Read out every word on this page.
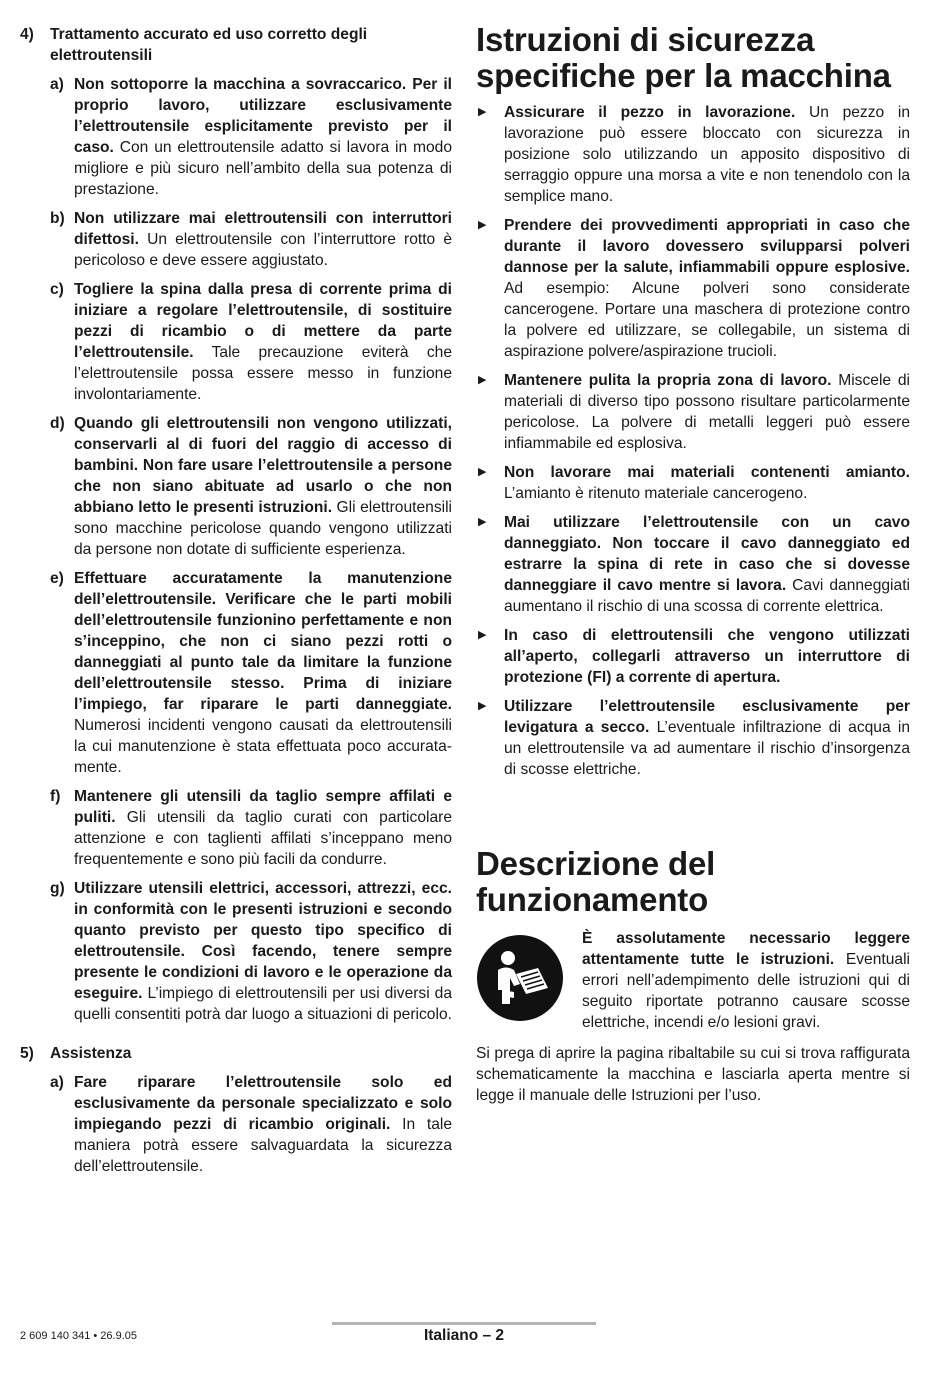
4)	Trattamento accurato ed uso corretto degli elettroutensili
a) Non sottoporre la macchina a sovraccarico. Per il proprio lavoro, utilizzare esclusivamente l’elettroutensile esplicitamente previsto per il caso. Con un elettroutensile adatto si lavora in modo migliore e più sicuro nell’ambito della sua potenza di prestazione.
b) Non utilizzare mai elettroutensili con interruttori difettosi. Un elettroutensile con l’interruttore rotto è pericoloso e deve essere aggiustato.
c) Togliere la spina dalla presa di corrente prima di iniziare a regolare l’elettroutensile, di sostituire pezzi di ricambio o di mettere da parte l’elettroutensile. Tale precauzione eviterà che l’elettroutensile possa essere messo in funzione involontariamente.
d) Quando gli elettroutensili non vengono utilizzati, conservarli al di fuori del raggio di accesso di bambini. Non fare usare l’elettroutensile a persone che non siano abituate ad usarlo o che non abbiano letto le presenti istruzioni. Gli elettroutensili sono macchine pericolose quando vengono utilizzati da persone non dotate di sufficiente esperienza.
e) Effettuare accuratamente la manutenzione dell’elettroutensile. Verificare che le parti mobili dell’elettroutensile funzionino perfettamente e non s’inceppino, che non ci siano pezzi rotti o danneggiati al punto tale da limitare la funzione dell’elettroutensile stesso. Prima di iniziare l’impiego, far riparare le parti danneggiate. Numerosi incidenti vengono causati da elettroutensili la cui manutenzione è stata effettuata poco accuratamente.
f) Mantenere gli utensili da taglio sempre affilati e puliti. Gli utensili da taglio curati con particolare attenzione e con taglienti affilati s’inceppano meno frequentemente e sono più facili da condurre.
g) Utilizzare utensili elettrici, accessori, attrezzi, ecc. in conformità con le presenti istruzioni e secondo quanto previsto per questo tipo specifico di elettroutensile. Così facendo, tenere sempre presente le condizioni di lavoro e le operazione da eseguire. L’impiego di elettroutensili per usi diversi da quelli consentiti potrà dar luogo a situazioni di pericolo.
5)	Assistenza
a) Fare riparare l’elettroutensile solo ed esclusivamente da personale specializzato e solo impiegando pezzi di ricambio originali. In tale maniera potrà essere salvaguardata la sicurezza dell’elettroutensile.
Istruzioni di sicurezza specifiche per la macchina
▶	Assicurare il pezzo in lavorazione. Un pezzo in lavorazione può essere bloccato con sicurezza in posizione solo utilizzando un apposito dispositivo di serraggio oppure una morsa a vite e non tenendolo con la semplice mano.
▶	Prendere dei provvedimenti appropriati in caso che durante il lavoro dovessero svilupparsi polveri dannose per la salute, infiammabili oppure esplosive. Ad esempio: Alcune polveri sono considerate cancerogene. Portare una maschera di protezione contro la polvere ed utilizzare, se collegabile, un sistema di aspirazione polvere/aspirazione trucioli.
▶	Mantenere pulita la propria zona di lavoro. Miscele di materiali di diverso tipo possono risultare particolarmente pericolose. La polvere di metalli leggeri può essere infiammabile ed esplosiva.
▶	Non lavorare mai materiali contenenti amianto. L’amianto è ritenuto materiale cancerogeno.
▶	Mai utilizzare l’elettroutensile con un cavo danneggiato. Non toccare il cavo danneggiato ed estrarre la spina di rete in caso che si dovesse danneggiare il cavo mentre si lavora. Cavi danneggiati aumentano il rischio di una scossa di corrente elettrica.
▶	In caso di elettroutensili che vengono utilizzati all’aperto, collegarli attraverso un interruttore di protezione (FI) a corrente di apertura.
▶	Utilizzare l’elettroutensile esclusivamente per levigatura a secco. L’eventuale infiltrazione di acqua in un elettroutensile va ad aumentare il rischio d’insorgenza di scosse elettriche.
Descrizione del funzionamento
È assolutamente necessario leggere attentamente tutte le istruzioni. Eventuali errori nell’adempimento delle istruzioni qui di seguito riportate potranno causare scosse elettriche, incendi e/o lesioni gravi.

Si prega di aprire la pagina ribaltabile su cui si trova raffigurata schematicamente la macchina e lasciarla aperta mentre si legge il manuale delle Istruzioni per l’uso.

2 609 140 341 • 26.9.05	Italiano – 2
